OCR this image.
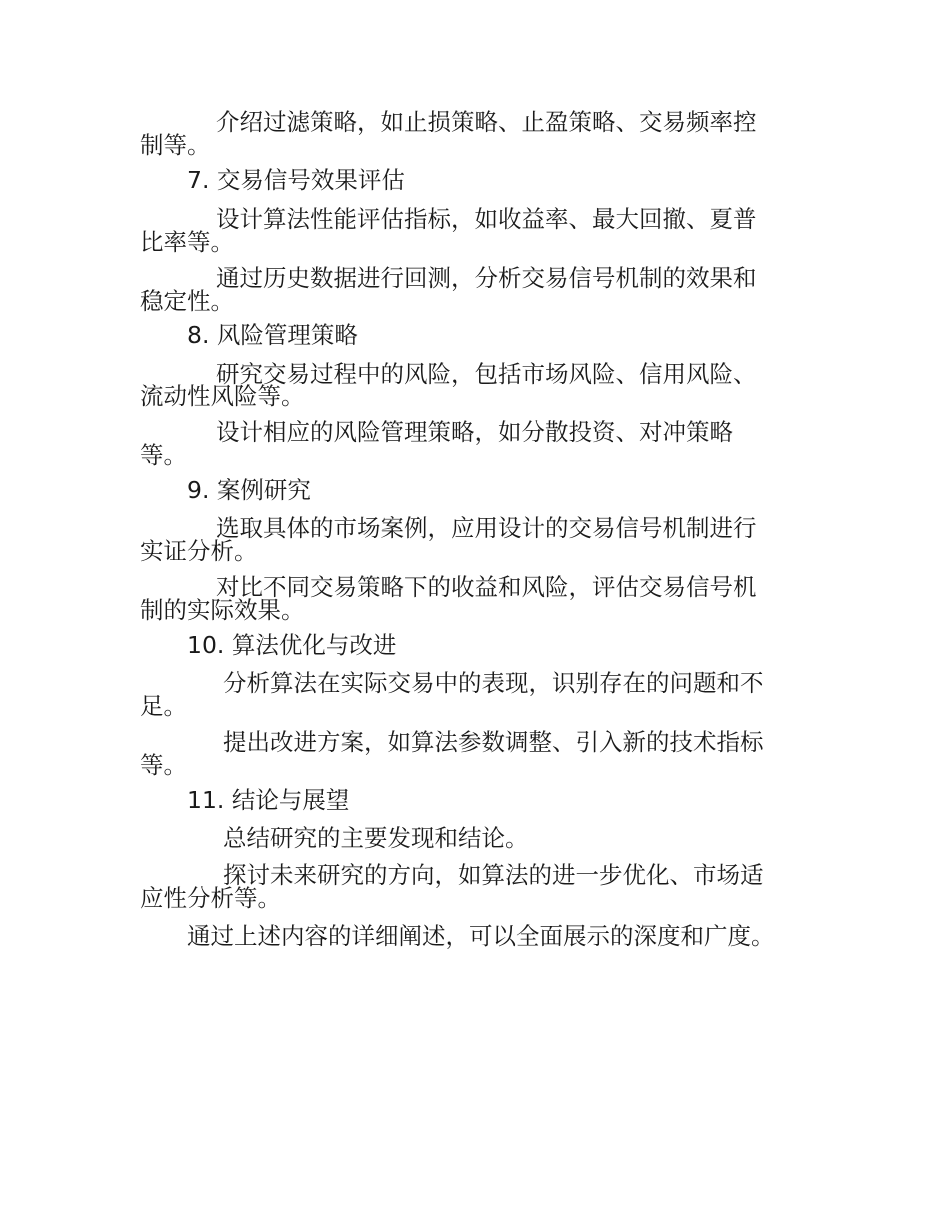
介绍过滤策略，如止损策略、止盈策略、交易频率控
制等。
7. 交易信号效果评估
设计算法性能评估指标，如收益率、最大回撤、夏普
比率等。
通过历史数据进行回测，分析交易信号机制的效果和
稳定性。
8. 风险管理策略
研究交易过程中的风险，包括市场风险、信用风险、
流动性风险等。
设计相应的风险管理策略，如分散投资、对冲策略
等。
9. 案例研究
选取具体的市场案例，应用设计的交易信号机制进行
实证分析。
对比不同交易策略下的收益和风险，评估交易信号机
制的实际效果。
10. 算法优化与改进
分析算法在实际交易中的表现，识别存在的问题和不
足。
提出改进方案，如算法参数调整、引入新的技术指标
等。
11. 结论与展望
总结研究的主要发现和结论。
探讨未来研究的方向，如算法的进一步优化、市场适
应性分析等。
通过上述内容的详细阐述，可以全面展示的深度和广度。
